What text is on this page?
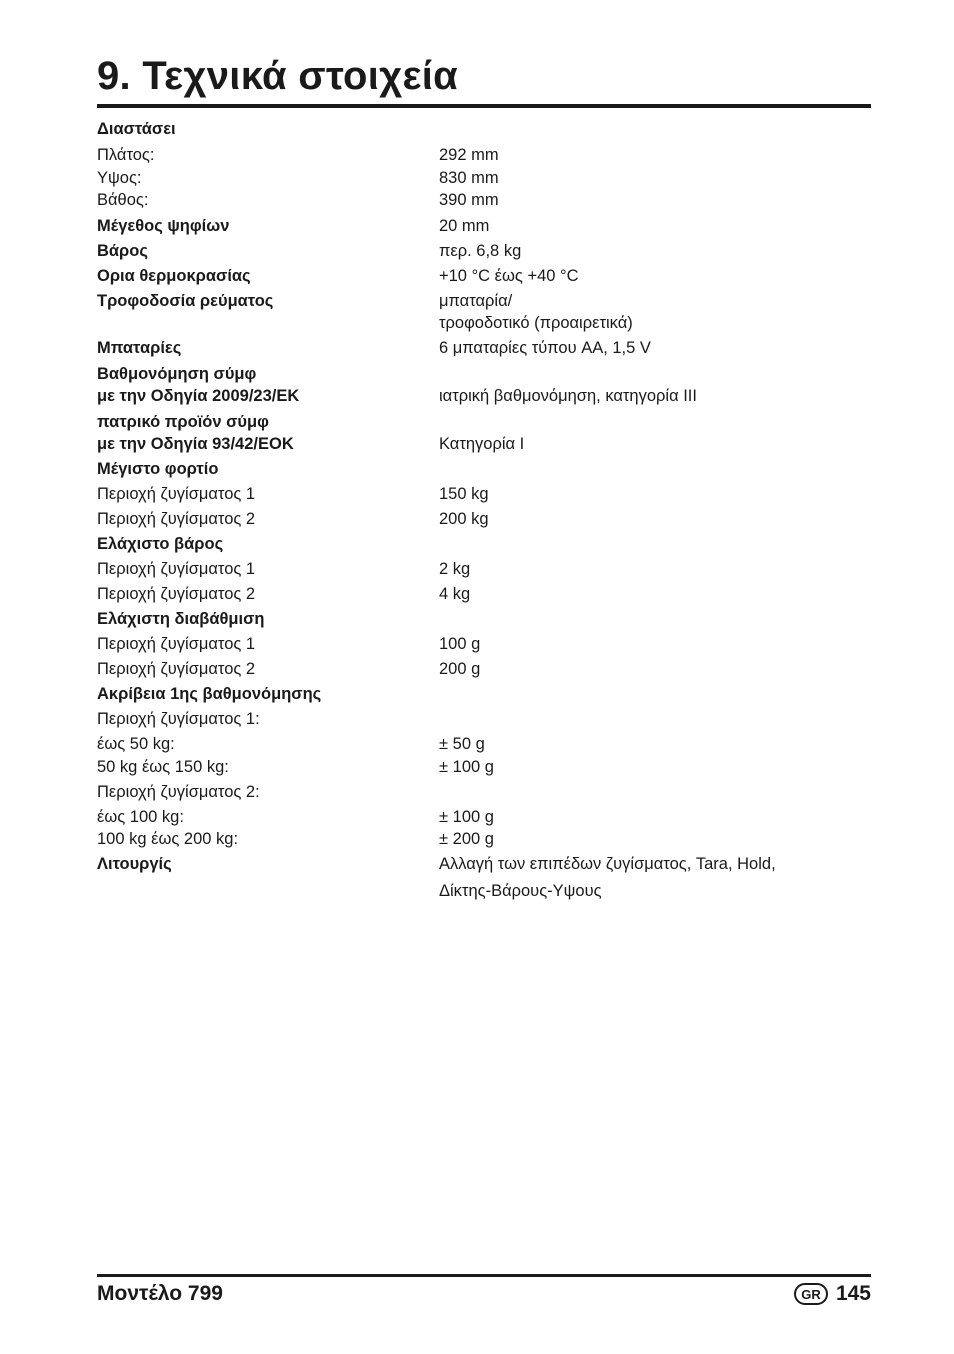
9. Τεχνικά στοιχεία
Διαστάσει
Πλάτος:	292 mm
Υψος:	830 mm
Βάθος:	390 mm
Μέγεθος ψηφίων	20 mm
Βάρος	περ. 6,8 kg
Ορια θερμοκρασίας	+10 °C έως +40 °C
Τροφοδοσία ρεύματος	μπαταρία/
τροφοδοτικό (προαιρετικά)
Μπαταρίες	6 μπαταρίες τύπου AA, 1,5 V
Βαθμονόμηση σύμφ
με την Οδηγία 2009/23/ΕΚ	ιατρική βαθμονόμηση, κατηγορία III
πατρικό προϊόν σύμφ
με την Οδηγία 93/42/ΕΟΚ	Κατηγορία I
Μέγιστο φορτίο
Περιοχή ζυγίσματος 1	150 kg
Περιοχή ζυγίσματος 2	200 kg
Ελάχιστο βάρος
Περιοχή ζυγίσματος 1	2 kg
Περιοχή ζυγίσματος 2	4 kg
Ελάχιστη διαβάθμιση
Περιοχή ζυγίσματος 1	100 g
Περιοχή ζυγίσματος 2	200 g
Ακρίβεια 1ης βαθμονόμησης
Περιοχή ζυγίσματος 1:
έως 50 kg:	± 50 g
50 kg έως 150 kg:	± 100 g
Περιοχή ζυγίσματος 2:
έως 100 kg:	± 100 g
100 kg έως 200 kg:	± 200 g
Λιτουργίς	Αλλαγή των επιπέδων ζυγίσματος, Tara, Hold,
Δίκτης-Βάρους-Υψους
Μοντέλο 799	GR 145
